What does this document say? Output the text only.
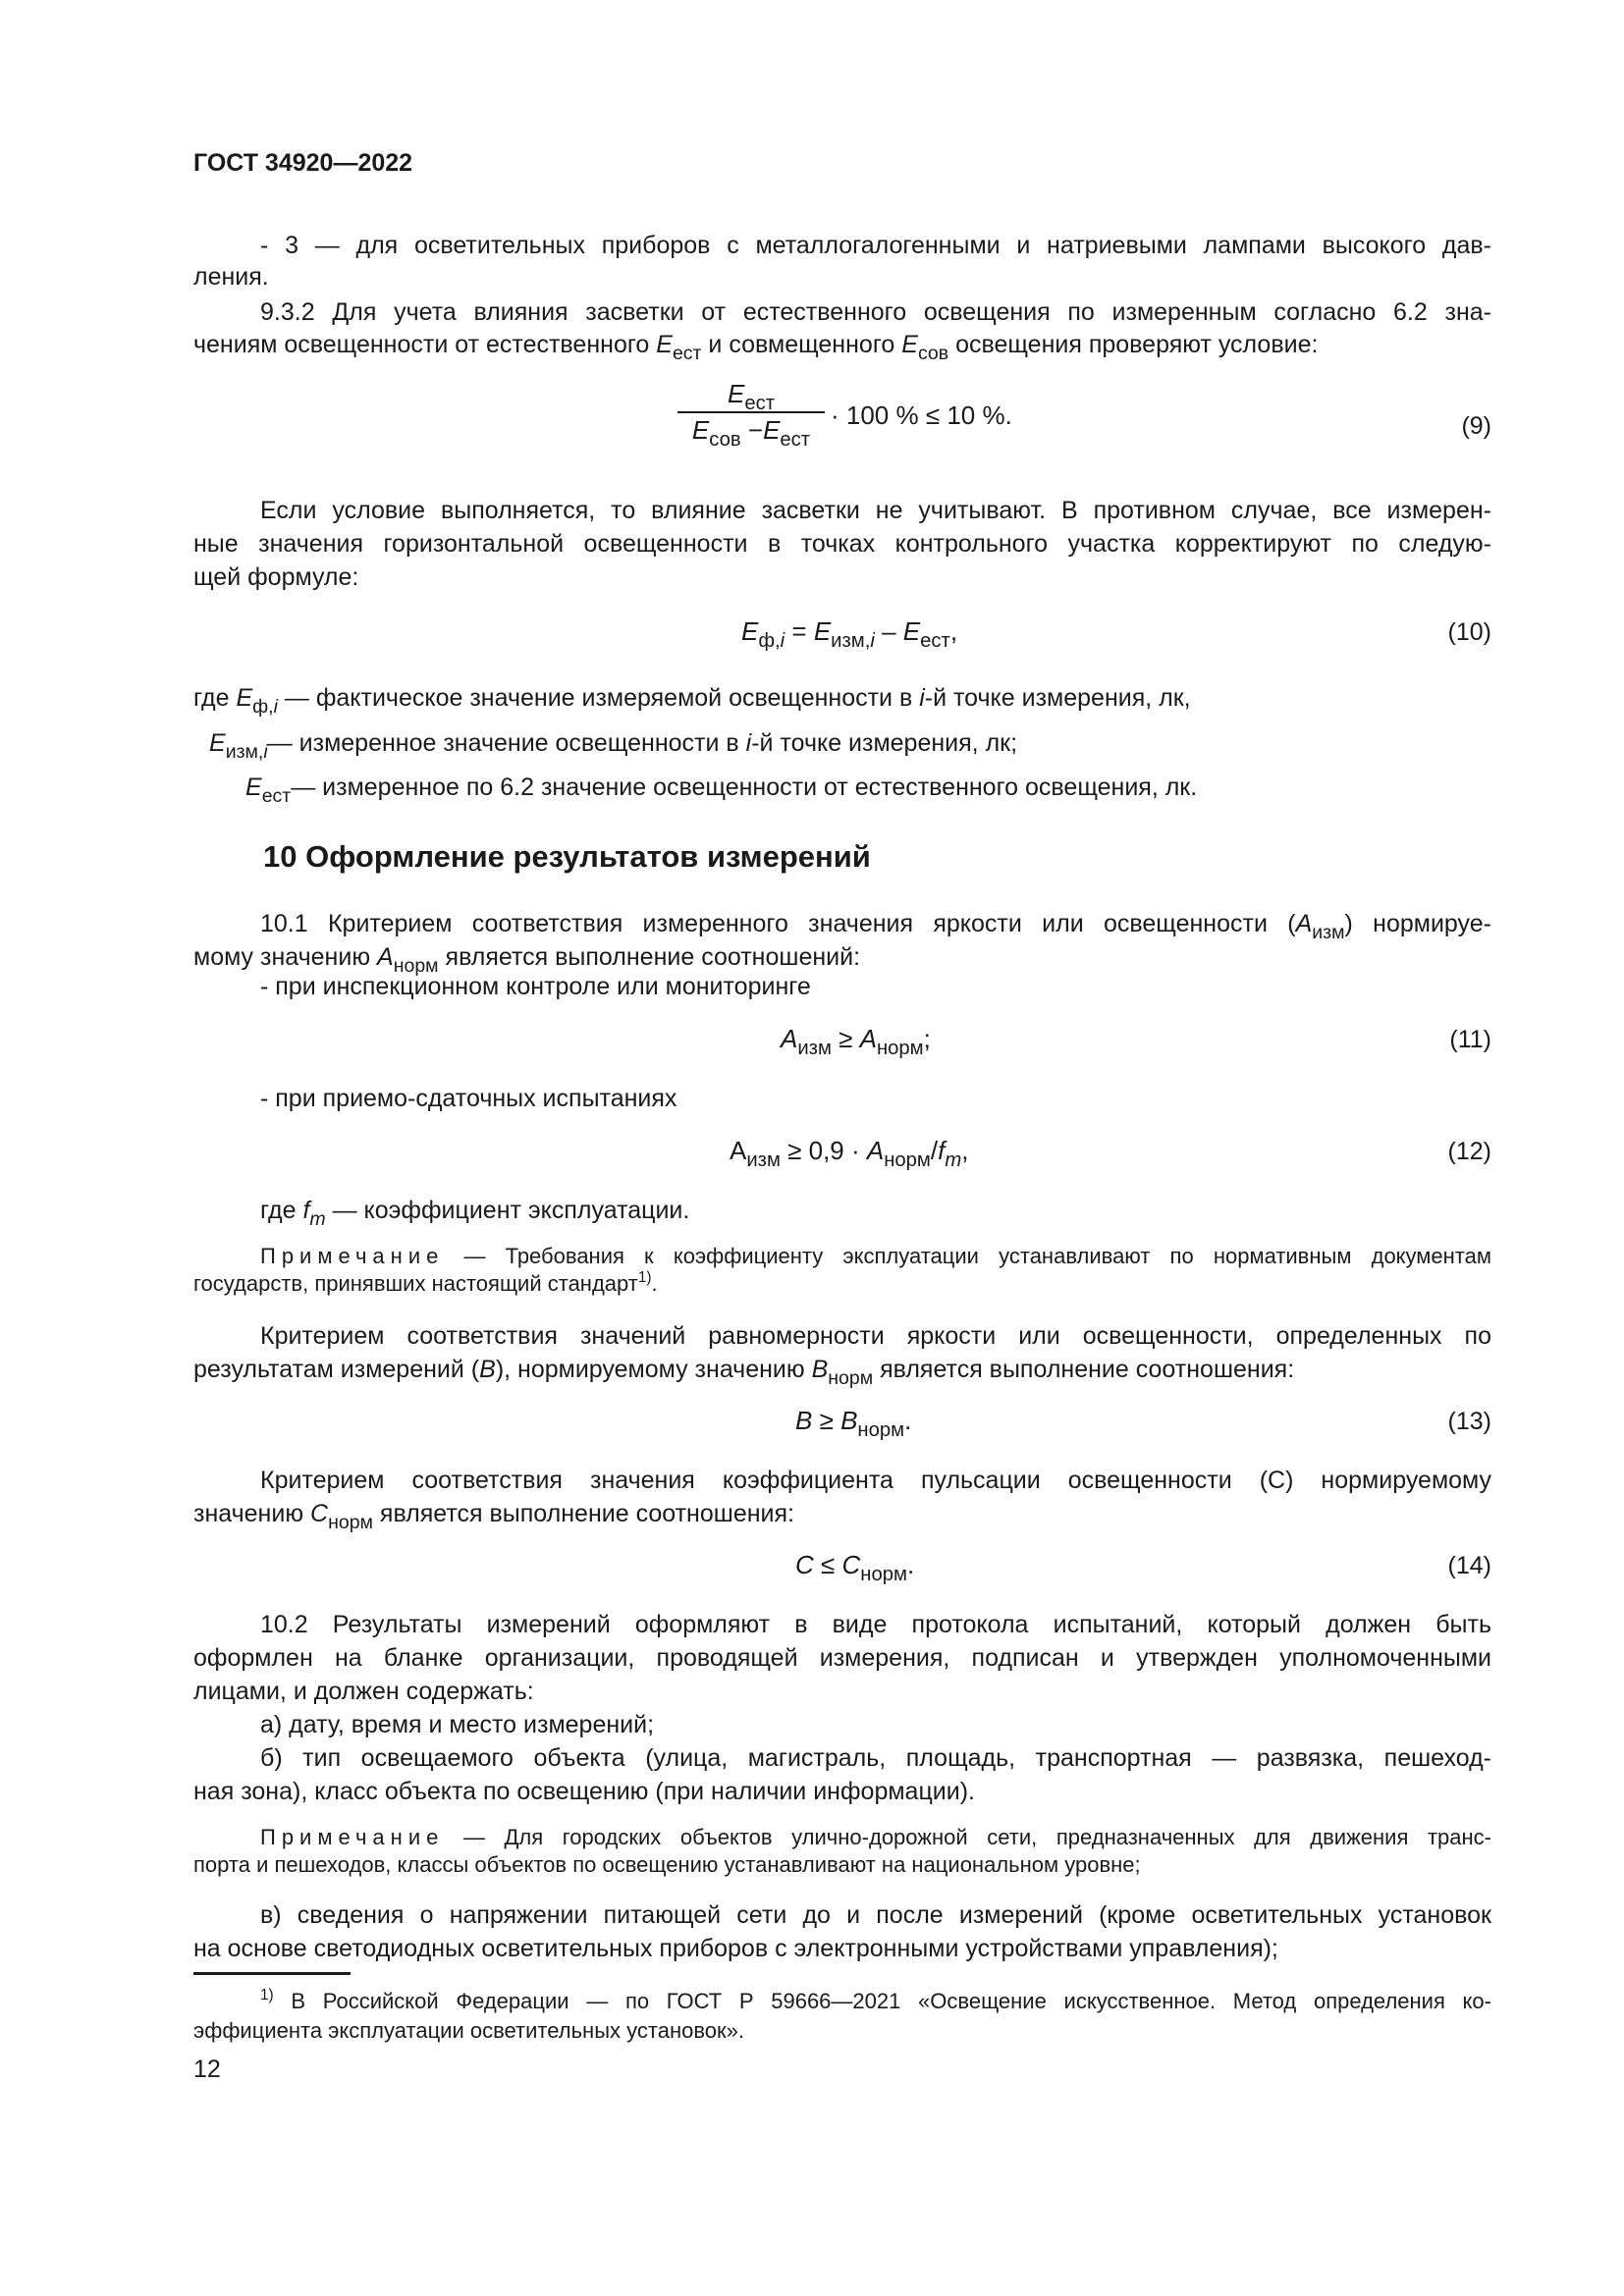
ГОСТ 34920—2022
- 3 — для осветительных приборов с металлогалогенными и натриевыми лампами высокого дав-
ления.
9.3.2 Для учета влияния засветки от естественного освещения по измеренным согласно 6.2 зна-
чениям освещенности от естественного $E_{ест}$ и совмещенного $E_{сов}$ освещения проверяют условие:
$E_{ест}$
$E_{сов} -E_{ест}$
· 100 % ≤ 10 %.	(9)
Если условие выполняется, то влияние засветки не учитывают. В противном случае, все измерен-
ные значения горизонтальной освещенности в точках контрольного участка корректируют по следую-
щей формуле:
$E_{ф,i} = E_{изм,i} - E_{ест}$,	(10)
где $E_{ф,i}$ — фактическое значение измеряемой освещенности в i-й точке измерения, лк,
$E_{изм,i}—$ измеренное значение освещенности в i-й точке измерения, лк;
$E_{ест}—$ измеренное по 6.2 значение освещенности от естественного освещения, лк.
10 Оформление результатов измерений
10.1 Критерием соответствия измеренного значения яркости или освещенности $(A_{изм})$ нормируе-
мому значению $A_{норм}$ является выполнение соотношений:
- при инспекционном контроле или мониторинге
$A_{изм} \ge A_{норм}$;	(11)
- при приемо-сдаточных испытаниях
$А_{изм} \ge 0,9 \cdot A_{норм}/f_m$,	(12)
где $f_m$ — коэффициент эксплуатации.
Примечание — Требования к коэффициенту эксплуатации устанавливают по нормативным документам
государств, принявших настоящий стандарт$^{1)}$.
Критерием соответствия значений равномерности яркости или освещенности, определенных по
результатам измерений (B), нормируемому значению $B_{норм}$ является выполнение соотношения:
$B \ge B_{норм}$.	(13)
Критерием соответствия значения коэффициента пульсации освещенности (С) нормируемому
значению $C_{норм}$ является выполнение соотношения:
$C \le C_{норм}$.	(14)
10.2 Результаты измерений оформляют в виде протокола испытаний, который должен быть
оформлен на бланке организации, проводящей измерения, подписан и утвержден уполномоченными
лицами, и должен содержать:
а) дату, время и место измерений;
б) тип освещаемого объекта (улица, магистраль, площадь, транспортная — развязка, пешеход-
ная зона), класс объекта по освещению (при наличии информации).
Примечание — Для городских объектов улично-дорожной сети, предназначенных для движения транс-
порта и пешеходов, классы объектов по освещению устанавливают на национальном уровне;
в) сведения о напряжении питающей сети до и после измерений (кроме осветительных установок
на основе светодиодных осветительных приборов с электронными устройствами управления);
$^{1)}$ В Российской Федерации — по ГОСТ Р 59666—2021 «Освещение искусственное. Метод определения ко-
эффициента эксплуатации осветительных установок».
12
